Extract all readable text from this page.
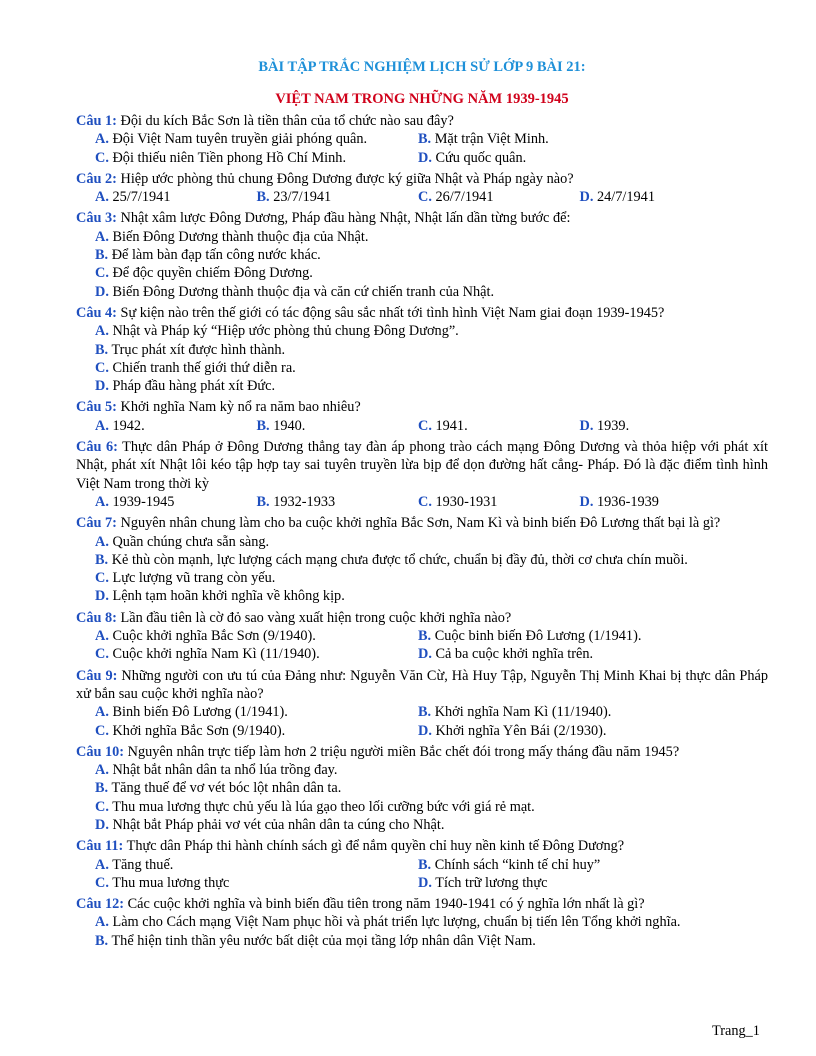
BÀI TẬP TRẮC NGHIỆM LỊCH SỬ LỚP 9 BÀI 21:
VIỆT NAM TRONG NHỮNG NĂM 1939-1945
Câu 1: Đội du kích Bắc Sơn là tiền thân của tổ chức nào sau đây?
A. Đội Việt Nam tuyên truyền giải phóng quân.	B. Mặt trận Việt Minh.
C. Đội thiếu niên Tiền phong Hồ Chí Minh.	D. Cứu quốc quân.
Câu 2: Hiệp ước phòng thủ chung Đông Dương được ký giữa Nhật và Pháp ngày nào?
A. 25/7/1941	B. 23/7/1941	C. 26/7/1941	D. 24/7/1941
Câu 3: Nhật xâm lược Đông Dương, Pháp đầu hàng Nhật, Nhật lấn dần từng bước để:
A. Biến Đông Dương thành thuộc địa của Nhật.
B. Để làm bàn đạp tấn công nước khác.
C. Để độc quyền chiếm Đông Dương.
D. Biến Đông Dương thành thuộc địa và căn cứ chiến tranh của Nhật.
Câu 4: Sự kiện nào trên thế giới có tác động sâu sắc nhất tới tình hình Việt Nam giai đoạn 1939-1945?
A. Nhật và Pháp ký “Hiệp ước phòng thủ chung Đông Dương”.
B. Trục phát xít được hình thành.
C. Chiến tranh thế giới thứ diễn ra.
D. Pháp đầu hàng phát xít Đức.
Câu 5: Khởi nghĩa Nam kỳ nổ ra năm bao nhiêu?
A. 1942.	B. 1940.	C. 1941.	D. 1939.
Câu 6: Thực dân Pháp ở Đông Dương thẳng tay đàn áp phong trào cách mạng Đông Dương và thỏa hiệp với phát xít Nhật, phát xít Nhật lôi kéo tập hợp tay sai tuyên truyền lừa bịp để dọn đường hất cẳng- Pháp. Đó là đặc điểm tình hình Việt Nam trong thời kỳ
A. 1939-1945	B. 1932-1933	C. 1930-1931	D. 1936-1939
Câu 7: Nguyên nhân chung làm cho ba cuộc khởi nghĩa Bắc Sơn, Nam Kì và binh biến Đô Lương thất bại là gì?
A. Quần chúng chưa sẵn sàng.
B. Kẻ thù còn mạnh, lực lượng cách mạng chưa được tổ chức, chuẩn bị đầy đủ, thời cơ chưa chín muồi.
C. Lực lượng vũ trang còn yếu.
D. Lệnh tạm hoãn khởi nghĩa về không kịp.
Câu 8: Lần đầu tiên là cờ đỏ sao vàng xuất hiện trong cuộc khởi nghĩa nào?
A. Cuộc khởi nghĩa Bắc Sơn (9/1940).	B. Cuộc binh biến Đô Lương (1/1941).
C. Cuộc khởi nghĩa Nam Kì (11/1940).	D. Cả ba cuộc khởi nghĩa trên.
Câu 9: Những người con ưu tú của Đảng như: Nguyễn Văn Cừ, Hà Huy Tập, Nguyễn Thị Minh Khai bị thực dân Pháp xử bắn sau cuộc khởi nghĩa nào?
A. Binh biến Đô Lương (1/1941).	B. Khởi nghĩa Nam Kì (11/1940).
C. Khởi nghĩa Bắc Sơn (9/1940).	D. Khởi nghĩa Yên Bái (2/1930).
Câu 10: Nguyên nhân trực tiếp làm hơn 2 triệu người miền Bắc chết đói trong mấy tháng đầu năm 1945?
A. Nhật bắt nhân dân ta nhổ lúa trồng đay.
B. Tăng thuế để vơ vét bóc lột nhân dân ta.
C. Thu mua lương thực chủ yếu là lúa gạo theo lối cưỡng bức với giá rẻ mạt.
D. Nhật bắt Pháp phải vơ vét của nhân dân ta cúng cho Nhật.
Câu 11: Thực dân Pháp thi hành chính sách gì để nắm quyền chỉ huy nền kinh tế Đông Dương?
A. Tăng thuế.	B. Chính sách “kinh tế chỉ huy”
C. Thu mua lương thực	D. Tích trữ lương thực
Câu 12: Các cuộc khởi nghĩa và binh biến đầu tiên trong năm 1940-1941 có ý nghĩa lớn nhất là gì?
A. Làm cho Cách mạng Việt Nam phục hồi và phát triển lực lượng, chuẩn bị tiến lên Tổng khởi nghĩa.
B. Thể hiện tinh thần yêu nước bất diệt của mọi tầng lớp nhân dân Việt Nam.
Trang_1
